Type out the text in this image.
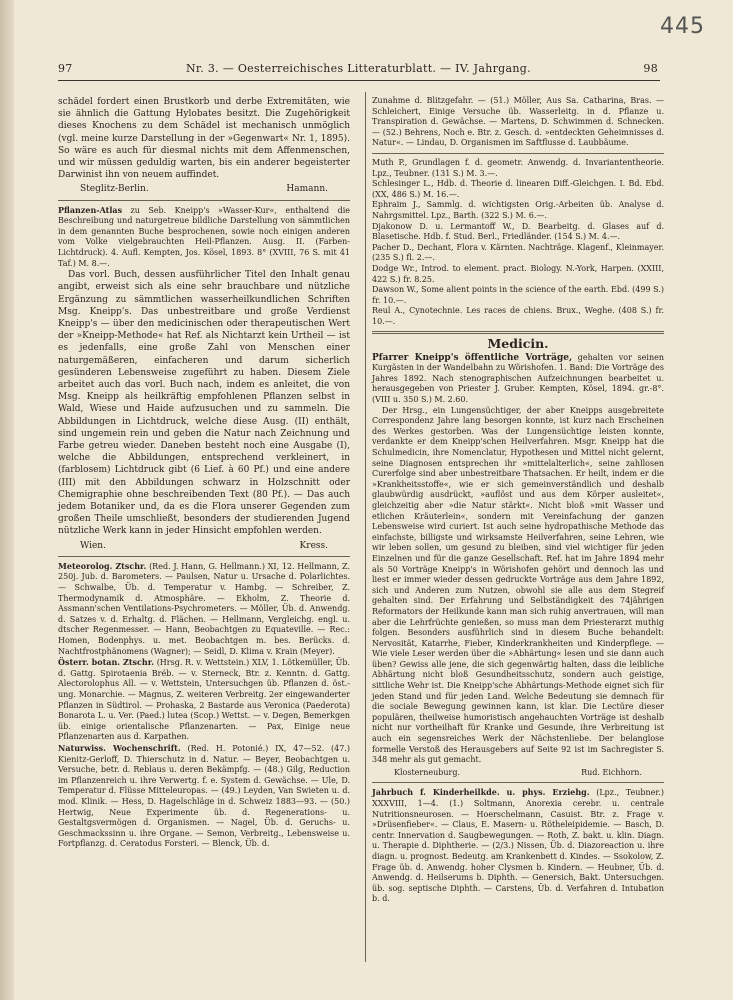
445
97	Nr. 3. — Oesterreichisches Litteraturblatt. — IV. Jahrgang.	98

schädel fordert einen Brustkorb und derbe Extremitäten, wie sie ähnlich die Gattung Hylobates besitzt. Die Zugehörigkeit dieses Knochens zu dem Schädel ist mechanisch unmöglich (vgl. meine kurze Darstellung in der »Gegenwart« Nr. 1, 1895). So wäre es auch für diesmal nichts mit dem Affenmenschen, und wir müssen geduldig warten, bis ein anderer begeisterter Darwinist ihn von neuem auffindet.

Steglitz-Berlin.	Hamann.
Pflanzen-Atlas zu Seb. Kneipp's »Wasser-Kur«, enthaltend die Beschreibung und naturgetreue bildliche Darstellung von sämmtlichen in dem genannten Buche besprochenen, sowie noch einigen anderen vom Volke vielgebrauchten Heil-Pflanzen. Ausg. II. (Farben-Lichtdruck). 4. Aufl. Kempten, Jos. Kösel, 1893. 8° (XVIII, 76 S. mit 41 Taf.) M. 8.—.

Das vorl. Buch, dessen ausführlicher Titel den Inhalt genau angibt, erweist sich als eine sehr brauchbare und nützliche Ergänzung zu sämmtlichen wasserheilkundlichen Schriften Msg. Kneipp's. Das unbestreitbare und große Verdienst Kneipp's — über den medicinischen oder therapeutischen Wert der »Kneipp-Methode« hat Ref. als Nichtarzt kein Urtheil — ist es jedenfalls, eine große Zahl von Menschen einer naturgemäßeren, einfacheren und darum sicherlich gesünderen Lebensweise zugeführt zu haben. Diesem Ziele arbeitet auch das vorl. Buch nach, indem es anleitet, die von Msg. Kneipp als heilkräftig empfohlenen Pflanzen selbst in Wald, Wiese und Haide aufzusuchen und zu sammeln. Die Abbildungen in Lichtdruck, welche diese Ausg. (II) enthält, sind ungemein rein und geben die Natur nach Zeichnung und Farbe getreu wieder. Daneben besteht noch eine Ausgabe (I), welche die Abbildungen, entsprechend verkleinert, in (farblosem) Lichtdruck gibt (6 Lief. à 60 Pf.) und eine andere (III) mit den Abbildungen schwarz in Holzschnitt oder Chemigraphie ohne beschreibenden Text (80 Pf.). — Das auch jedem Botaniker und, da es die Flora unserer Gegenden zum großen Theile umschließt, besonders der studierenden Jugend nützliche Werk kann in jeder Hinsicht empfohlen werden.

Wien.	Kress.
Meteorolog. Ztschr. (Red. J. Hann, G. Hellmann.) XI, 12. Hellmann, Z. 250j. Jub. d. Barometers. — Paulsen, Natur u. Ursache d. Polarlichtes. — Schwalbe, Üb. d. Temperatur v. Hambg. — Schreiber, Z. Thermodynamik d. Atmosphäre. — Ekholm, Z. Theorie d. Assmann'schen Ventilations-Psychrometers. — Möller, Üb. d. Anwendg. d. Satzes v. d. Erhaltg. d. Flächen. — Hellmann, Vergleichg. engl. u. dtscher Regenmesser. — Hann, Beobachtgen zu Equateville. — Rec.: Homen, Bodenphys. u. met. Beobachtgen m. bes. Berücks. d. Nachtfrostphänomens (Wagner); — Seidl, D. Klima v. Krain (Meyer).
Österr. botan. Ztschr. (Hrsg. R. v. Wettstein.) XLV, 1. Lötkemüller, Üb. d. Gattg. Spirotaenia Bréb. — v. Sterneck, Btr. z. Kenntn. d. Gattg. Alectorolophus All. — v. Wettstein, Untersuchgen üb. Pflanzen d. öst.-ung. Monarchie. — Magnus, Z. weiteren Verbreitg. 2er eingewanderter Pflanzen in Südtirol. — Prohaska, 2 Bastarde aus Veronica (Paederota) Bonarota L. u. Ver. (Paed.) lutea (Scop.) Wettst. — v. Degen, Bemerkgen üb. einige orientalische Pflanzenarten. — Pax, Einige neue Pflanzenarten aus d. Karpathen.
Naturwiss. Wochenschrift. (Red. H. Potonié.) IX, 47—52. (47.) Kienitz-Gerloff, D. Thierschutz in d. Natur. — Beyer, Beobachtgen u. Versuche, betr. d. Reblaus u. deren Bekämpfg. — (48.) Gilg, Reduction im Pflanzenreich u. ihre Verwertg. f. e. System d. Gewächse. — Ule, D. Temperatur d. Flüsse Mitteleuropas. — (49.) Leyden, Van Swieten u. d. mod. Klinik. — Hess, D. Hagelschläge in d. Schweiz 1883—93. — (50.) Hertwig, Neue Experimente üb. d. Regenerations- u. Gestaltgsvermögen d. Organismen. — Nagel, Üb. d. Geruchs- u. Geschmackssinn u. ihre Organe. — Semon, Verbreitg., Lebensweise u. Fortpflanzg. d. Ceratodus Forsteri. — Blenck, Üb. d.
Zunahme d. Blitzgefahr. — (51.) Möller, Aus Sa. Catharina, Bras. — Schleichert, Einige Versuche üb. Wasserleitg. in d. Pflanze u. Transpiration d. Gewächse. — Martens, D. Schwimmen d. Schnecken. — (52.) Behrens, Noch e. Btr. z. Gesch. d. »entdeckten Geheimnisses d. Natur«. — Lindau, D. Organismen im Saftflusse d. Laubbäume.
Muth P., Grundlagen f. d. geometr. Anwendg. d. Invariantentheorie. Lpz., Teubner. (131 S.) M. 3.—.
Schlesinger L., Hdb. d. Theorie d. linearen Diff.-Gleichgen. I. Bd. Ebd. (XX, 486 S.) M. 16.—.
Ephraim J., Sammlg. d. wichtigsten Orig.-Arbeiten üb. Analyse d. Nahrgsmittel. Lpz., Barth. (322 S.) M. 6.—.
Djakonow D. u. Lermantoff W., D. Bearbeitg. d. Glases auf d. Blasetische. Hdb. f. Stud. Berl., Friedländer. (154 S.) M. 4.—.
Pacher D., Dechant, Flora v. Kärnten. Nachträge. Klagenf., Kleinmayer. (235 S.) fl. 2.—.
Dodge Wr., Introd. to element. pract. Biology. N.-York, Harpen. (XXIII, 422 S.) fr. 8.25.
Dawson W., Some alient points in the science of the earth. Ebd. (499 S.) fr. 10.—.
Reul A., Cynotechnie. Les races de chiens. Brux., Weghe. (408 S.) fr. 10.—.
Medicin.
Pfarrer Kneipp's öffentliche Vorträge, gehalten vor seinen Kurgästen in der Wandelbahn zu Wörishofen. 1. Band: Die Vorträge des Jahres 1892. Nach stenographischen Aufzeichnungen bearbeitet u. herausgegeben von Priester J. Gruber. Kempten, Kösel, 1894. gr.-8°. (VIII u. 350 S.) M. 2.60.

Der Hrsg., ein Lungensüchtiger, der aber Kneipps ausgebreitete Correspondenz Jahre lang besorgen konnte, ist kurz nach Erscheinen des Werkes gestorben. Was der Lungensüchtige leisten konnte, verdankte er dem Kneipp'schen Heilverfahren. Msgr. Kneipp hat die Schulmedicin, ihre Nomenclatur, Hypothesen und Mittel nicht gelernt, seine Diagnosen entsprechen ihr »mittelalterlich«, seine zahllosen Curerfolge sind aber unbestreitbare Thatsachen. Er heilt, indem er die »Krankheitsstoffe«, wie er sich gemeinverständlich und deshalb glaubwürdig ausdrückt, »auflöst und aus dem Körper ausleitet«, gleichzeitig aber »die Natur stärkt«. Nicht bloß »mit Wasser und etlichen Kräuterlein«, sondern mit Vereinfachung der ganzen Lebensweise wird curiert. Ist auch seine hydropathische Methode das einfachste, billigste und wirksamste Heilverfahren, seine Lehren, wie wir leben sollen, um gesund zu bleiben, sind viel wichtiger für jeden Einzelnen und für die ganze Gesellschaft. Ref. hat im Jahre 1894 mehr als 50 Vorträge Kneipp's in Wörishofen gehört und dennoch las und liest er immer wieder dessen gedruckte Vorträge aus dem Jahre 1892, sich und Anderen zum Nutzen, obwohl sie alle aus dem Stegreif gehalten sind. Der Erfahrung und Selbständigkeit des 74jährigen Reformators der Heilkunde kann man sich ruhig anvertrauen, will man aber die Lehrfrüchte genießen, so muss man dem Priesterarzt muthig folgen. Besonders ausführlich sind in diesem Buche behandelt: Nervosität, Katarrhe, Fieber, Kinderkrankheiten und Kinderpflege. — Wie viele Leser werden über die »Abhärtung« lesen und sie dann auch üben? Gewiss alle jene, die sich gegenwärtig halten, dass die leibliche Abhärtung nicht bloß Gesundheitsschutz, sondern auch geistige, sittliche Wehr ist. Die Kneipp'sche Abhärtungs-Methode eignet sich für jeden Stand und für jeden Land. Welche Bedeutung sie demnach für die sociale Bewegung gewinnen kann, ist klar. Die Lectüre dieser populären, theilweise humoristisch angehauchten Vorträge ist deshalb nicht nur vortheilhaft für Kranke und Gesunde, ihre Verbreitung ist auch ein segensreiches Werk der Nächstenliebe. Der belanglose formelle Verstoß des Herausgebers auf Seite 92 ist im Sachregister S. 348 mehr als gut gemacht.

Klosterneuburg.	Rud. Eichhorn.
Jahrbuch f. Kinderheilkde. u. phys. Erziehg. (Lpz., Teubner.) XXXVIII, 1—4. (1.) Soltmann, Anorexia cerebr. u. centrale Nutritionsneurosen. — Hoerschelmann, Casuist. Btr. z. Frage v. »Drüsenfieber«. — Claus, E. Masern- u. Rötheleipidemie. — Basch, D. centr. Innervation d. Saugbewegungen. — Roth, Z. bakt. u. klin. Diagn. u. Therapie d. Diphtherie. — (2/3.) Nissen, Üb. d. Diazoreaction u. ihre diagn. u. prognost. Bedeutg. am Krankenbett d. Kindes. — Ssokolow, Z. Frage üb. d. Anwendg. hoher Clysmen b. Kindern. — Heubner, Üb. d. Anwendg. d. Heilserums b. Diphth. — Genersich, Bakt. Untersuchgen. üb. sog. septische Diphth. — Carstens, Üb. d. Verfahren d. Intubation b. d.
